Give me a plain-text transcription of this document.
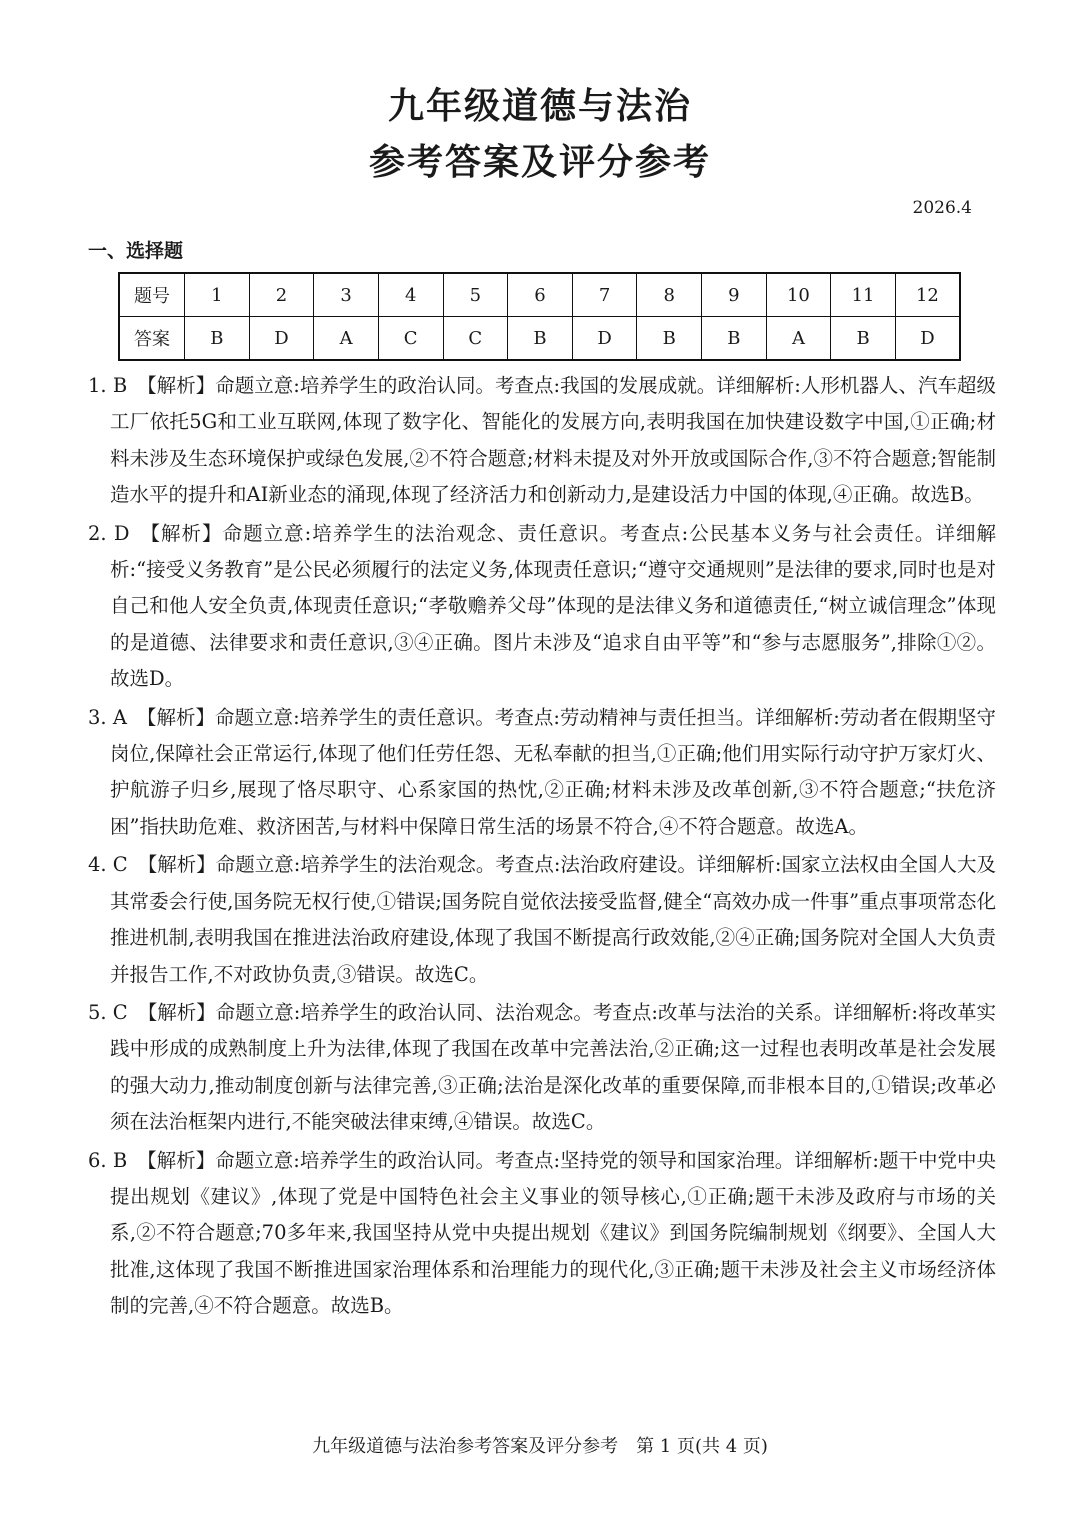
九年级道德与法治
参考答案及评分参考
2026.4
一、选择题
题号	1	2	3	4	5	6	7	8	9	10	11	12
答案	B	D	A	C	C	B	D	B	B	A	B	D
1. B 【解析】命题立意:培养学生的政治认同。考查点:我国的发展成就。详细解析:人形机器人、汽车超级工厂依托5G和工业互联网,体现了数字化、智能化的发展方向,表明我国在加快建设数字中国,①正确;材料未涉及生态环境保护或绿色发展,②不符合题意;材料未提及对外开放或国际合作,③不符合题意;智能制造水平的提升和AI新业态的涌现,体现了经济活力和创新动力,是建设活力中国的体现,④正确。故选B。
2. D 【解析】命题立意:培养学生的法治观念、责任意识。考查点:公民基本义务与社会责任。详细解析:“接受义务教育”是公民必须履行的法定义务,体现责任意识;“遵守交通规则”是法律的要求,同时也是对自己和他人安全负责,体现责任意识;“孝敬赡养父母”体现的是法律义务和道德责任,“树立诚信理念”体现的是道德、法律要求和责任意识,③④正确。图片未涉及“追求自由平等”和“参与志愿服务”,排除①②。故选D。
3. A 【解析】命题立意:培养学生的责任意识。考查点:劳动精神与责任担当。详细解析:劳动者在假期坚守岗位,保障社会正常运行,体现了他们任劳任怨、无私奉献的担当,①正确;他们用实际行动守护万家灯火、护航游子归乡,展现了恪尽职守、心系家国的热忱,②正确;材料未涉及改革创新,③不符合题意;“扶危济困”指扶助危难、救济困苦,与材料中保障日常生活的场景不符合,④不符合题意。故选A。
4. C 【解析】命题立意:培养学生的法治观念。考查点:法治政府建设。详细解析:国家立法权由全国人大及其常委会行使,国务院无权行使,①错误;国务院自觉依法接受监督,健全“高效办成一件事”重点事项常态化推进机制,表明我国在推进法治政府建设,体现了我国不断提高行政效能,②④正确;国务院对全国人大负责并报告工作,不对政协负责,③错误。故选C。
5. C 【解析】命题立意:培养学生的政治认同、法治观念。考查点:改革与法治的关系。详细解析:将改革实践中形成的成熟制度上升为法律,体现了我国在改革中完善法治,②正确;这一过程也表明改革是社会发展的强大动力,推动制度创新与法律完善,③正确;法治是深化改革的重要保障,而非根本目的,①错误;改革必须在法治框架内进行,不能突破法律束缚,④错误。故选C。
6. B 【解析】命题立意:培养学生的政治认同。考查点:坚持党的领导和国家治理。详细解析:题干中党中央提出规划《建议》,体现了党是中国特色社会主义事业的领导核心,①正确;题干未涉及政府与市场的关系,②不符合题意;70多年来,我国坚持从党中央提出规划《建议》到国务院编制规划《纲要》、全国人大批准,这体现了我国不断推进国家治理体系和治理能力的现代化,③正确;题干未涉及社会主义市场经济体制的完善,④不符合题意。故选B。
九年级道德与法治参考答案及评分参考　第 1 页(共 4 页)
